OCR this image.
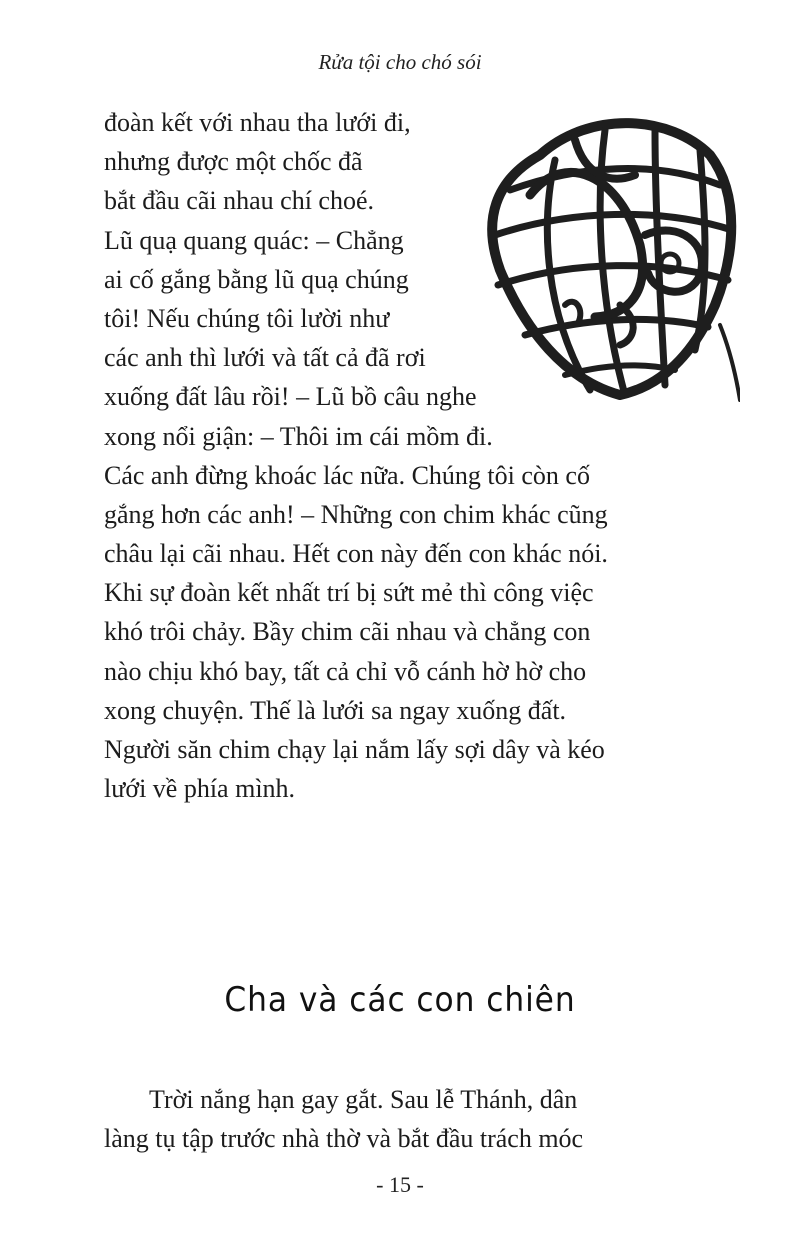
Rửa tội cho chó sói
đoàn kết với nhau tha lưới đi,
nhưng được một chốc đã
bắt đầu cãi nhau chí choé.
Lũ quạ quang quác: – Chẳng
ai cố gắng bằng lũ quạ chúng
tôi! Nếu chúng tôi lười như
các anh thì lưới và tất cả đã rơi
xuống đất lâu rồi! – Lũ bồ câu nghe
xong nổi giận: – Thôi im cái mồm đi.
Các anh đừng khoác lác nữa. Chúng tôi còn cố
gắng hơn các anh! – Những con chim khác cũng
châu lại cãi nhau. Hết con này đến con khác nói.
Khi sự đoàn kết nhất trí bị sứt mẻ thì công việc
khó trôi chảy. Bầy chim cãi nhau và chẳng con
nào chịu khó bay, tất cả chỉ vỗ cánh hờ hờ cho
xong chuyện. Thế là lưới sa ngay xuống đất.
Người săn chim chạy lại nắm lấy sợi dây và kéo
lưới về phía mình.
Cha và các con chiên
Trời nắng hạn gay gắt. Sau lễ Thánh, dân
làng tụ tập trước nhà thờ và bắt đầu trách móc
- 15 -
